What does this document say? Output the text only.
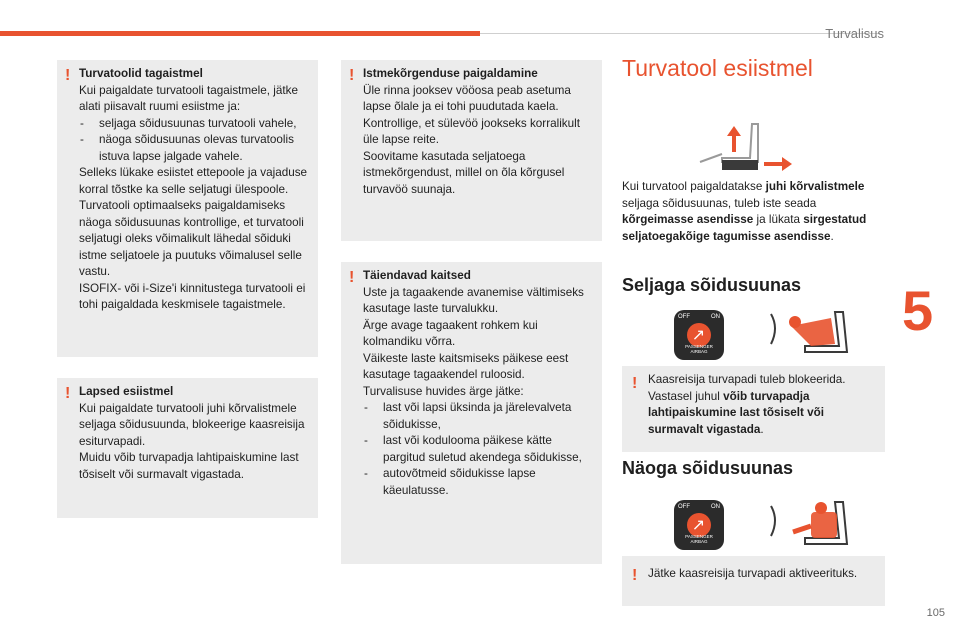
Turvalisus
5
105
! Turvatoolid tagaistmel

Kui paigaldate turvatooli tagaistmele, jätke alati piisavalt ruumi esiistme ja:

- seljaga sõidusuunas turvatooli vahele,
- näoga sõidusuunas olevas turvatoolis istuva lapse jalgade vahele.

Selleks lükake esiistet ettepoole ja vajaduse korral tõstke ka selle seljatugi ülespoole.

Turvatooli optimaalseks paigaldamiseks näoga sõidusuunas kontrollige, et turvatooli seljatugi oleks võimalikult lähedal sõiduki istme seljatoele ja puutuks võimalusel selle vastu.

ISOFIX- või i-Size'i kinnitustega turvatooli ei tohi paigaldada keskmisele tagaistmele.

! Lapsed esiistmel

Kui paigaldate turvatooli juhi kõrvalistmele seljaga sõidusuunda, blokeerige kaasreisija esiturvapadi.

Muidu võib turvapadja lahtipaiskumine last tõsiselt või surmavalt vigastada.

! Istmekõrgenduse paigaldamine

Üle rinna jooksev vööosa peab asetuma lapse õlale ja ei tohi puudutada kaela.

Kontrollige, et sülevöö jookseks korralikult üle lapse reite.

Soovitame kasutada seljatoega istmekõrgendust, millel on õla kõrgusel turvavöö suunaja.

! Täiendavad kaitsed

Uste ja tagaakende avanemise vältimiseks kasutage laste turvalukku.

Ärge avage tagaakent rohkem kui kolmandiku võrra.

Väikeste laste kaitsmiseks päikese eest kasutage tagaakendel ruloosid.

Turvalisuse huvides ärge jätke:

- last või lapsi üksinda ja järelevalveta sõidukisse,
- last või koduloomа päikese kätte pargitud suletud akendega sõidukisse,
- autovõtmeid sõidukisse lapse käeulatusse.
Turvatool esiistmel
Kui turvatool paigaldatakse juhi kõrvalistmele seljaga sõidusuunas, tuleb iste seada kõrgeimasse asendisse ja lükata sirgestatud seljatoegakõige tagumisse asendisse.
Seljaga sõidusuunas
OFF	ON
↗
PASSENGER AIRBAG
! Kaasreisija turvapadi tuleb blokeerida. Vastasel juhul võib turvapadja lahtipaiskumine last tõsiselt või surmavalt vigastada.
Näoga sõidusuunas
OFF	ON
↗
PASSENGER AIRBAG
! Jätke kaasreisija turvapadi aktiveerituks.
